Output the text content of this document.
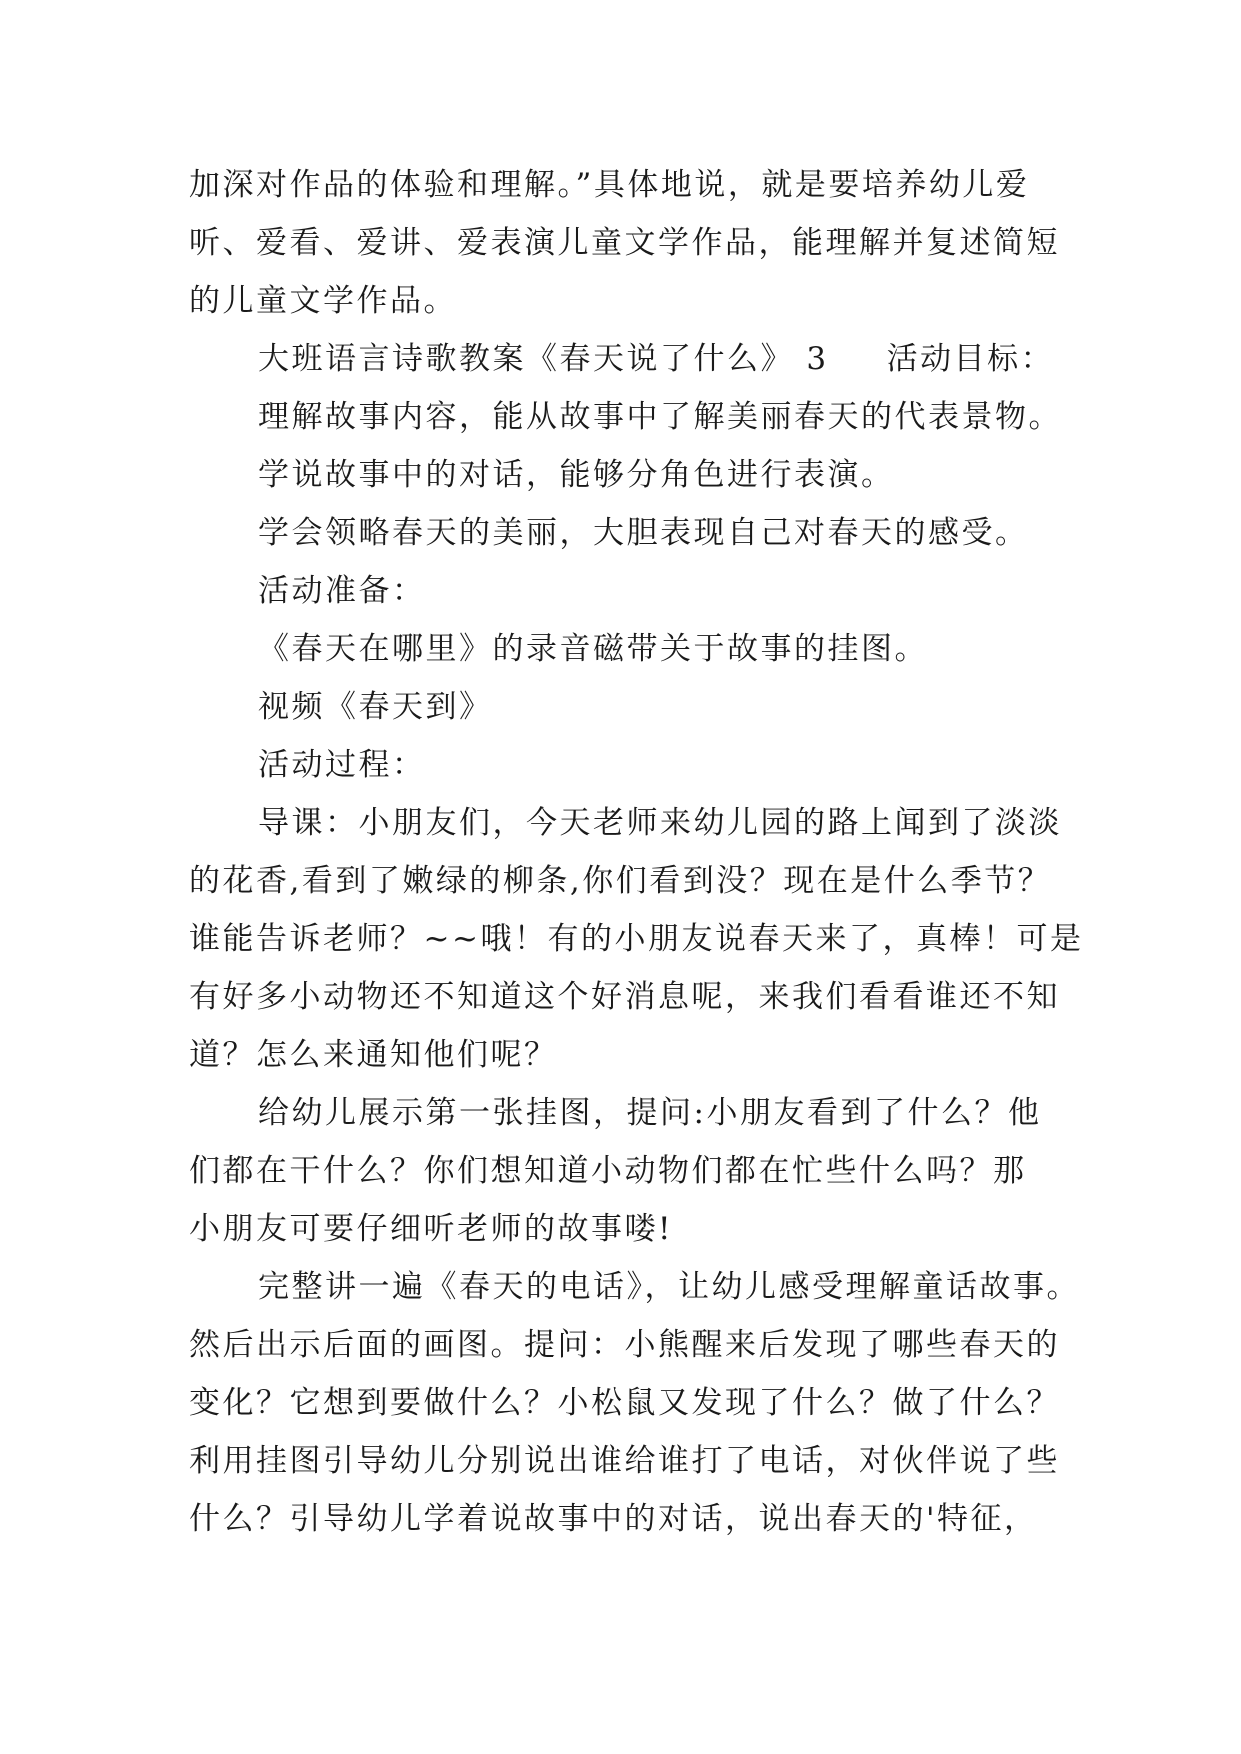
加深对作品的体验和理解。”具体地说，就是要培养幼儿爱
听、爱看、爱讲、爱表演儿童文学作品，能理解并复述简短
的儿童文学作品。
大班语言诗歌教案《春天说了什么》 3 活动目标：
理解故事内容，能从故事中了解美丽春天的代表景物。
学说故事中的对话，能够分角色进行表演。
学会领略春天的美丽，大胆表现自己对春天的感受。
活动准备：
《春天在哪里》的录音磁带关于故事的挂图。
视频《春天到》
活动过程：
导课：小朋友们，今天老师来幼儿园的路上闻到了淡淡
的花香,看到了嫩绿的柳条,你们看到没？现在是什么季节？
谁能告诉老师？~~哦！有的小朋友说春天来了，真棒！可是
有好多小动物还不知道这个好消息呢，来我们看看谁还不知
道？怎么来通知他们呢？
给幼儿展示第一张挂图，提问:小朋友看到了什么？他
们都在干什么？你们想知道小动物们都在忙些什么吗？那
小朋友可要仔细听老师的故事喽!
完整讲一遍《春天的电话》，让幼儿感受理解童话故事。
然后出示后面的画图。提问：小熊醒来后发现了哪些春天的
变化？它想到要做什么？小松鼠又发现了什么？做了什么？
利用挂图引导幼儿分别说出谁给谁打了电话，对伙伴说了些
什么？引导幼儿学着说故事中的对话，说出春天的'特征，
